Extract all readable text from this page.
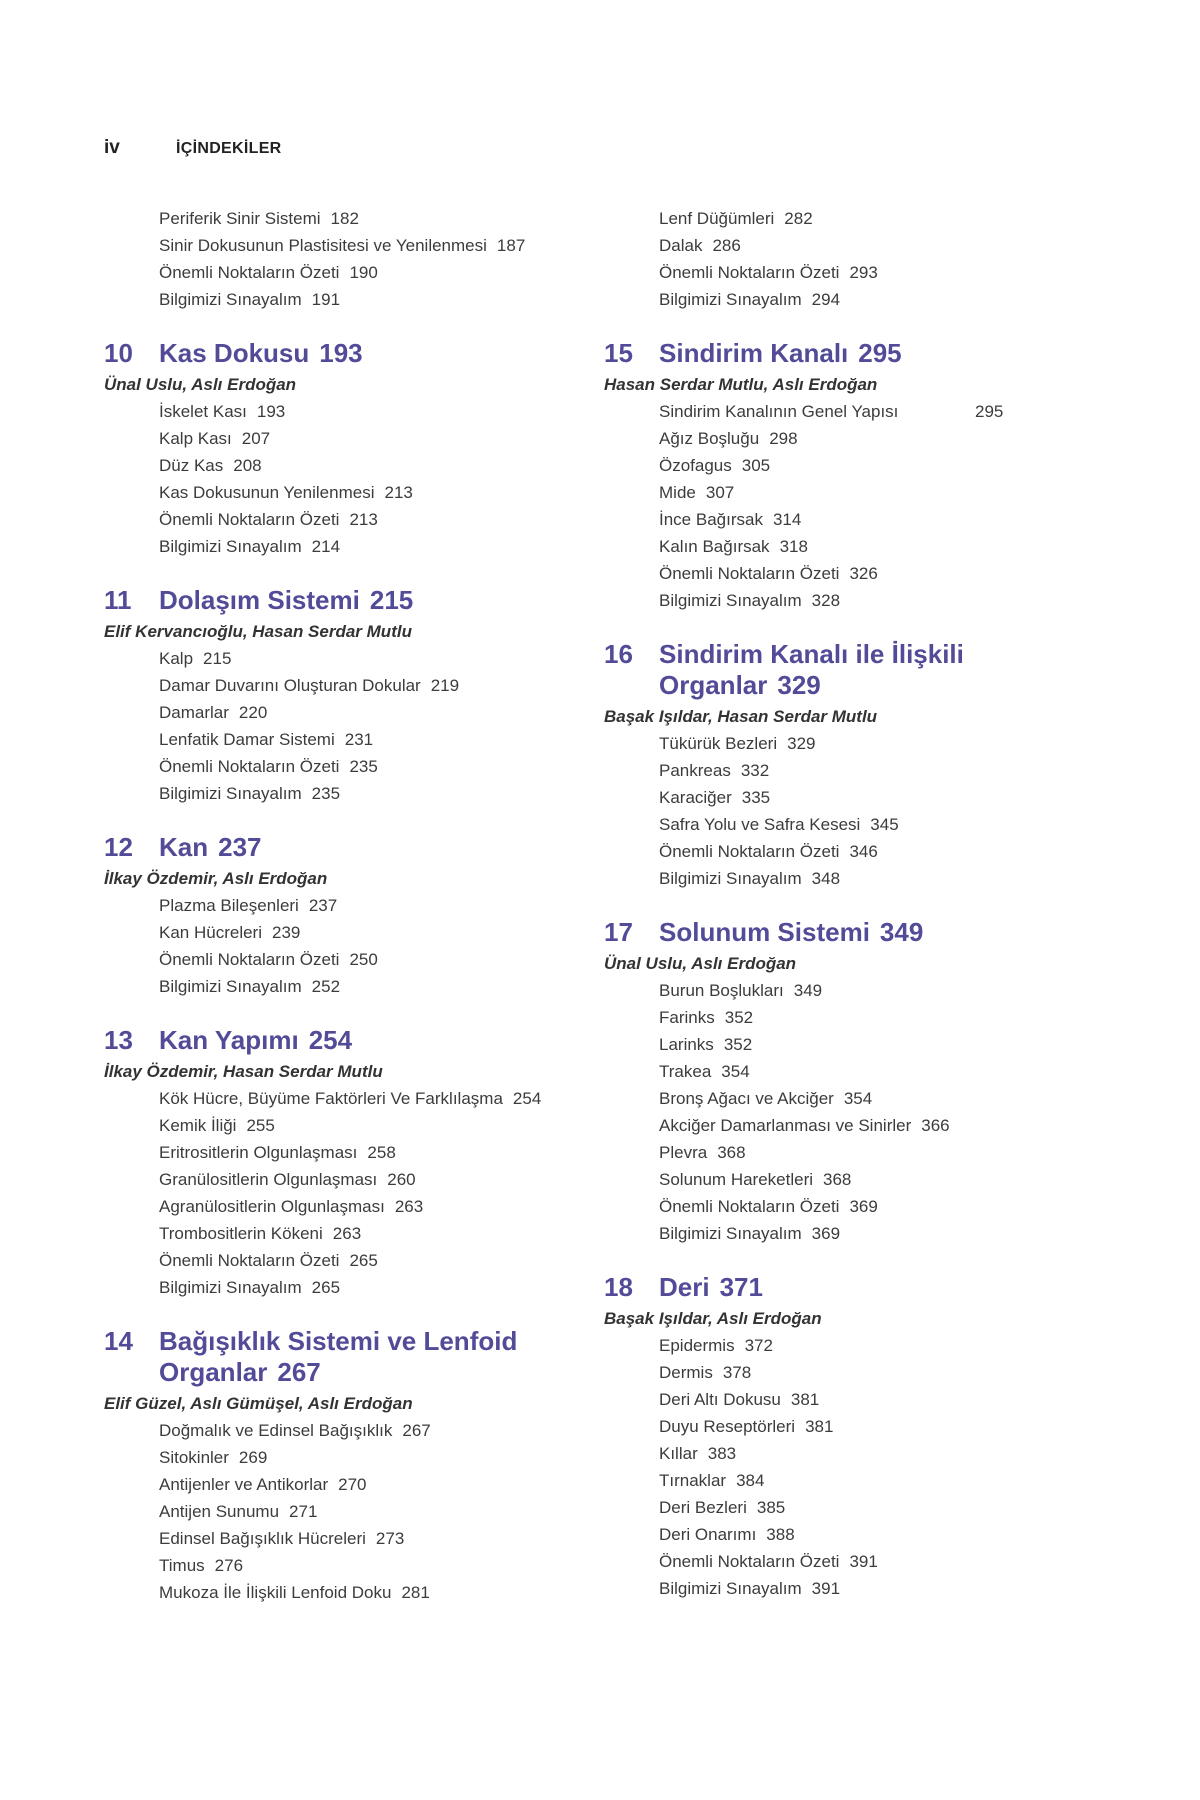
iv	İÇİNDEKİLER
Periferik Sinir Sistemi 182
Sinir Dokusunun Plastisitesi ve Yenilenmesi 187
Önemli Noktaların Özeti 190
Bilgimizi Sınayalım 191
10	Kas Dokusu 193
Ünal Uslu, Aslı Erdoğan
İskelet Kası 193
Kalp Kası 207
Düz Kas 208
Kas Dokusunun Yenilenmesi 213
Önemli Noktaların Özeti 213
Bilgimizi Sınayalım 214
11	Dolaşım Sistemi 215
Elif Kervancıoğlu, Hasan Serdar Mutlu
Kalp 215
Damar Duvarını Oluşturan Dokular 219
Damarlar 220
Lenfatik Damar Sistemi 231
Önemli Noktaların Özeti 235
Bilgimizi Sınayalım 235
12	Kan 237
İlkay Özdemir, Aslı Erdoğan
Plazma Bileşenleri 237
Kan Hücreleri 239
Önemli Noktaların Özeti 250
Bilgimizi Sınayalım 252
13	Kan Yapımı 254
İlkay Özdemir, Hasan Serdar Mutlu
Kök Hücre, Büyüme Faktörleri Ve Farklılaşma 254
Kemik İliği 255
Eritrositlerin Olgunlaşması 258
Granülositlerin Olgunlaşması 260
Agranülositlerin Olgunlaşması 263
Trombositlerin Kökeni 263
Önemli Noktaların Özeti 265
Bilgimizi Sınayalım 265
14	Bağışıklık Sistemi ve Lenfoid
Organlar 267
Elif Güzel, Aslı Gümüşel, Aslı Erdoğan
Doğmalık ve Edinsel Bağışıklık 267
Sitokinler 269
Antijenler ve Antikorlar 270
Antijen Sunumu 271
Edinsel Bağışıklık Hücreleri 273
Timus 276
Mukoza İle İlişkili Lenfoid Doku 281
Lenf Düğümleri 282
Dalak 286
Önemli Noktaların Özeti 293
Bilgimizi Sınayalım 294
15	Sindirim Kanalı 295
Hasan Serdar Mutlu, Aslı Erdoğan
Sindirim Kanalının Genel Yapısı	295
Ağız Boşluğu 298
Özofagus 305
Mide 307
İnce Bağırsak 314
Kalın Bağırsak 318
Önemli Noktaların Özeti 326
Bilgimizi Sınayalım 328
16	Sindirim Kanalı ile İlişkili
Organlar 329
Başak Işıldar, Hasan Serdar Mutlu
Tükürük Bezleri 329
Pankreas 332
Karaciğer 335
Safra Yolu ve Safra Kesesi 345
Önemli Noktaların Özeti 346
Bilgimizi Sınayalım 348
17	Solunum Sistemi 349
Ünal Uslu, Aslı Erdoğan
Burun Boşlukları 349
Farinks 352
Larinks 352
Trakea 354
Bronş Ağacı ve Akciğer 354
Akciğer Damarlanması ve Sinirler 366
Plevra 368
Solunum Hareketleri 368
Önemli Noktaların Özeti 369
Bilgimizi Sınayalım 369
18	Deri 371
Başak Işıldar, Aslı Erdoğan
Epidermis 372
Dermis 378
Deri Altı Dokusu 381
Duyu Reseptörleri 381
Kıllar 383
Tırnaklar 384
Deri Bezleri 385
Deri Onarımı 388
Önemli Noktaların Özeti 391
Bilgimizi Sınayalım 391
